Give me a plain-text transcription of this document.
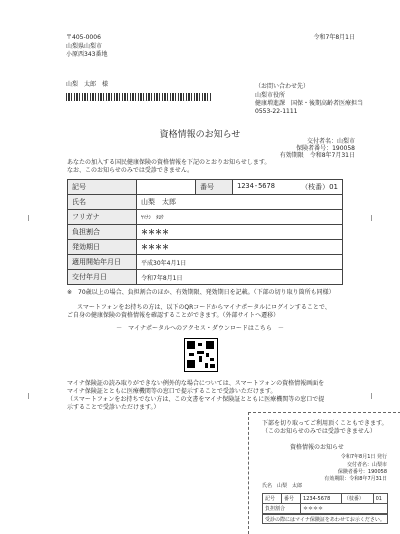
〒405-0006
山梨県山梨市
小原西343番地
山梨　太郎　様
令和7年8月1日
（お問い合わせ先）
山梨市役所
健康増進課　国保・後期高齢者医療担当
0553-22-1111
資格情報のお知らせ
交付者名：山梨市
保険者番号：190058
有効期限　令和8年7月31日
あなたの加入する国民健康保険の資格情報を下記のとおりお知らせします。
なお、このお知らせのみでは受診できません。
記号		番号	1234-5678 （枝番）01

氏名	山梨　太郎		
フリガナ	ﾔﾏﾅｼ　ﾀﾛｳ		
負担割合	＊＊＊＊		
発効期日	＊＊＊＊		
適用開始年月日	平成30年4月1日		
交付年月日	令和7年8月1日		
※　70歳以上の場合、負担割合のほか、有効期限、発効期日を記載。（下部の切り取り箇所も同様）
スマートフォンをお持ちの方は、以下のQRコードからマイナポータルにログインすることで、
ご自身の健康保険の資格情報を確認することができます。（外部サイトへ遷移）
－　マイナポータルへのアクセス・ダウンロードはこちら　－
マイナ保険証の読み取りができない例外的な場合については、スマートフォンの資格情報画面を
マイナ保険証とともに医療機関等の窓口で提示することで受診いただけます。
（スマートフォンをお持ちでない方は、この文書をマイナ保険証とともに医療機関等の窓口で提
示することで受診いただけます。）
下部を切り取ってご利用頂くこともできます。
（このお知らせのみでは受診できません）
資格情報のお知らせ
令和7年8月1日 発行
交付者名：山梨市
保険者番号：190058
有効期限：令和8年7月31日
氏名　山梨　太郎
記号	番号	1234-5678	（枝番）	01
負担割合		＊＊＊＊		
受診の際にはマイナ保険証をあわせてお示ください。
